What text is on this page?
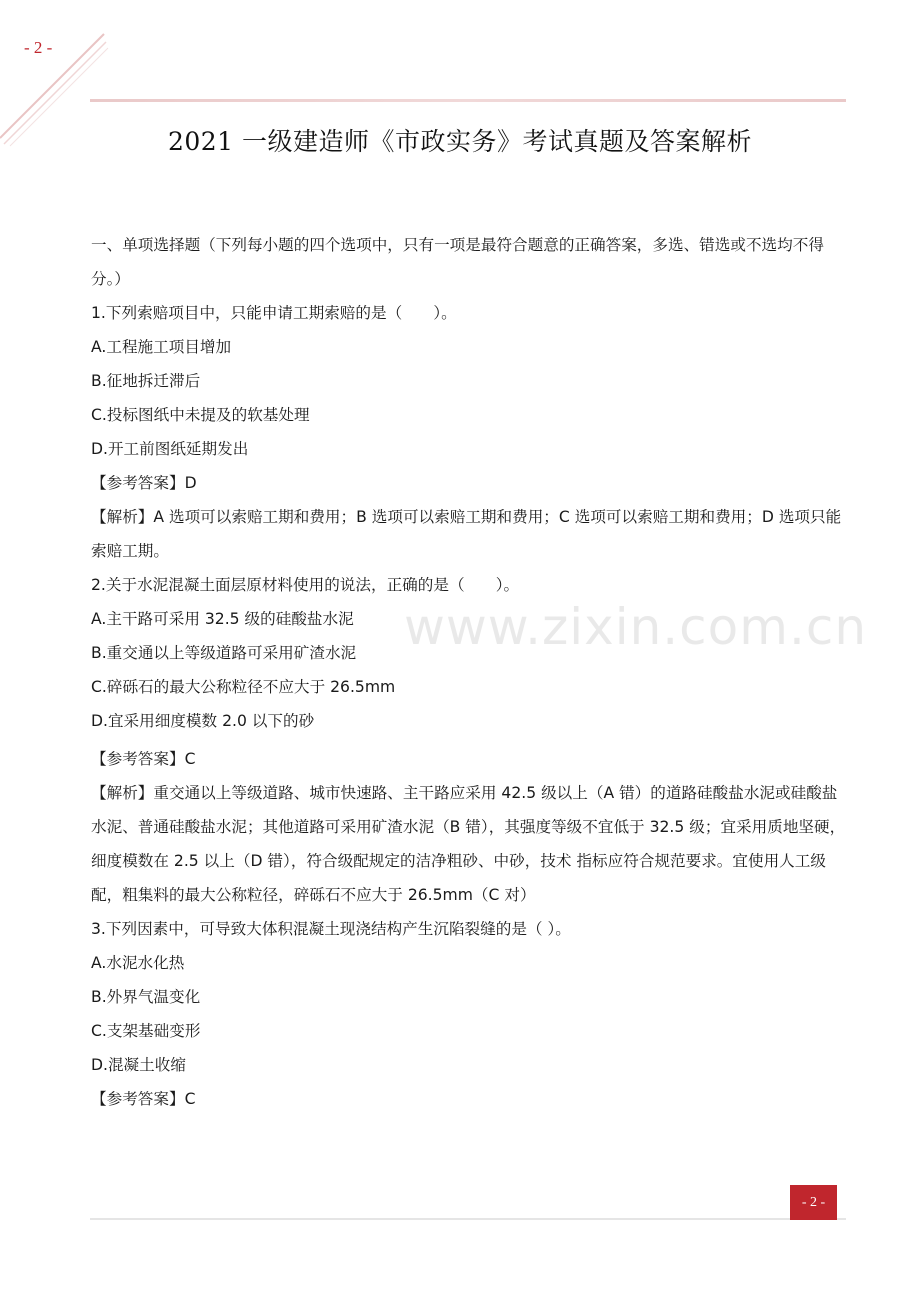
- 2 -
2021 一级建造师《市政实务》考试真题及答案解析
www.zixin.com.cn

一、单项选择题（下列每小题的四个选项中，只有一项是最符合题意的正确答案，多选、错选或不选均不得分。）

1.下列索赔项目中，只能申请工期索赔的是（　　）。

A.工程施工项目增加

B.征地拆迁滞后

C.投标图纸中未提及的软基处理

D.开工前图纸延期发出

【参考答案】D

【解析】A 选项可以索赔工期和费用；B 选项可以索赔工期和费用；C 选项可以索赔工期和费用；D 选项只能索赔工期。

2.关于水泥混凝土面层原材料使用的说法，正确的是（　　）。

A.主干路可采用 32.5 级的硅酸盐水泥

B.重交通以上等级道路可采用矿渣水泥

C.碎砾石的最大公称粒径不应大于 26.5mm

D.宜采用细度模数 2.0 以下的砂

【参考答案】C

【解析】重交通以上等级道路、城市快速路、主干路应采用 42.5 级以上（A 错）的道路硅酸盐水泥或硅酸盐水泥、普通硅酸盐水泥；其他道路可采用矿渣水泥（B 错），其强度等级不宜低于 32.5 级；宜采用质地坚硬，细度模数在 2.5 以上（D 错），符合级配规定的洁净粗砂、中砂，技术 指标应符合规范要求。宜使用人工级配，粗集料的最大公称粒径，碎砾石不应大于 26.5mm（C 对）

3.下列因素中，可导致大体积混凝土现浇结构产生沉陷裂缝的是（ ）。

A.水泥水化热

B.外界气温变化

C.支架基础变形

D.混凝土收缩

【参考答案】C

- 2 -
